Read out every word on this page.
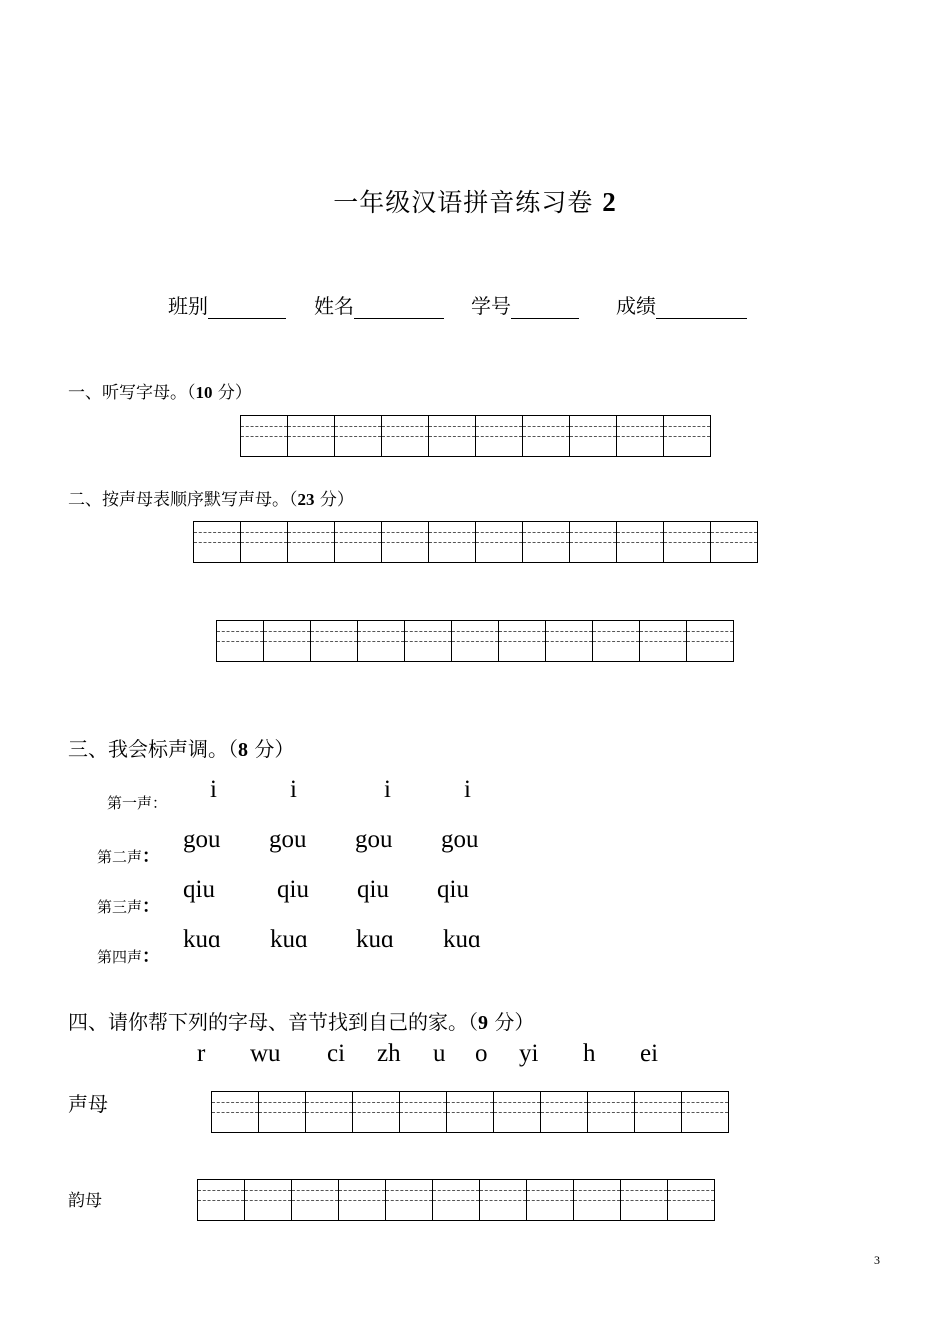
一年级汉语拼音练习卷 2
班别	姓名	学号	成绩
一、听写字母。（10 分）
二、按声母表顺序默写声母。（23 分）
三、我会标声调。（8 分）
第一声： i	i	i	i
第二声：
gou gou gou gou
第三声：
qiu qiu qiu qiu
第四声：
kuɑ kuɑ kuɑ kuɑ
四、请你帮下列的字母、音节找到自己的家。（9 分）
r wu ci zh u o yi h ei
声母
韵母
3
